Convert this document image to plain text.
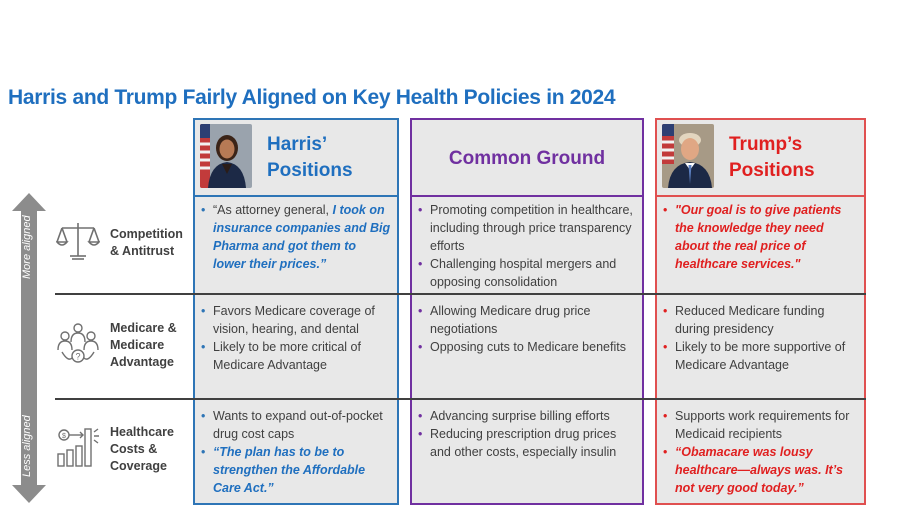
Harris and Trump Fairly Aligned on Key Health Policies in 2024
More aligned
Less aligned
Competition
& Antitrust
?
Medicare &
Medicare
Advantage
$	Healthcare
Costs &
Coverage
Harris’
Positions
• “As attorney general, I took on insurance companies and Big Pharma and got them to lower their prices.”
• Favors Medicare coverage of vision, hearing, and dental
• Likely to be more critical of Medicare Advantage
• Wants to expand out-of-pocket drug cost caps
• “The plan has to be to strengthen the Affordable Care Act.”
Common Ground
• Promoting competition in healthcare, including through price transparency efforts
• Challenging hospital mergers and opposing consolidation
• Allowing Medicare drug price negotiations
• Opposing cuts to Medicare benefits
• Advancing surprise billing efforts
• Reducing prescription drug prices and other costs, especially insulin
Trump’s
Positions
• "Our goal is to give patients the knowledge they need about the real price of healthcare services."
• Reduced Medicare funding during presidency
• Likely to be more supportive of Medicare Advantage
• Supports work requirements for Medicaid recipients
• “Obamacare was lousy healthcare—always was. It’s not very good today.”
